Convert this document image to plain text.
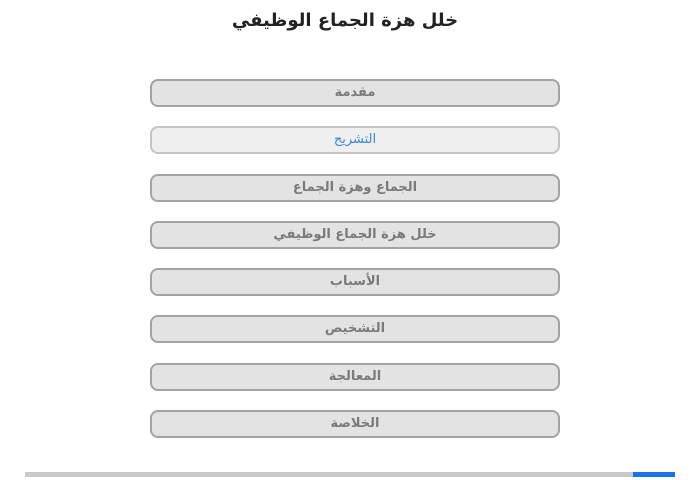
خلل هزة الجماع الوظيفي
مقدمة
التشريح
الجماع وهزة الجماع
خلل هزة الجماع الوظيفي
الأسباب
التشخيص
المعالجة
الخلاصة
